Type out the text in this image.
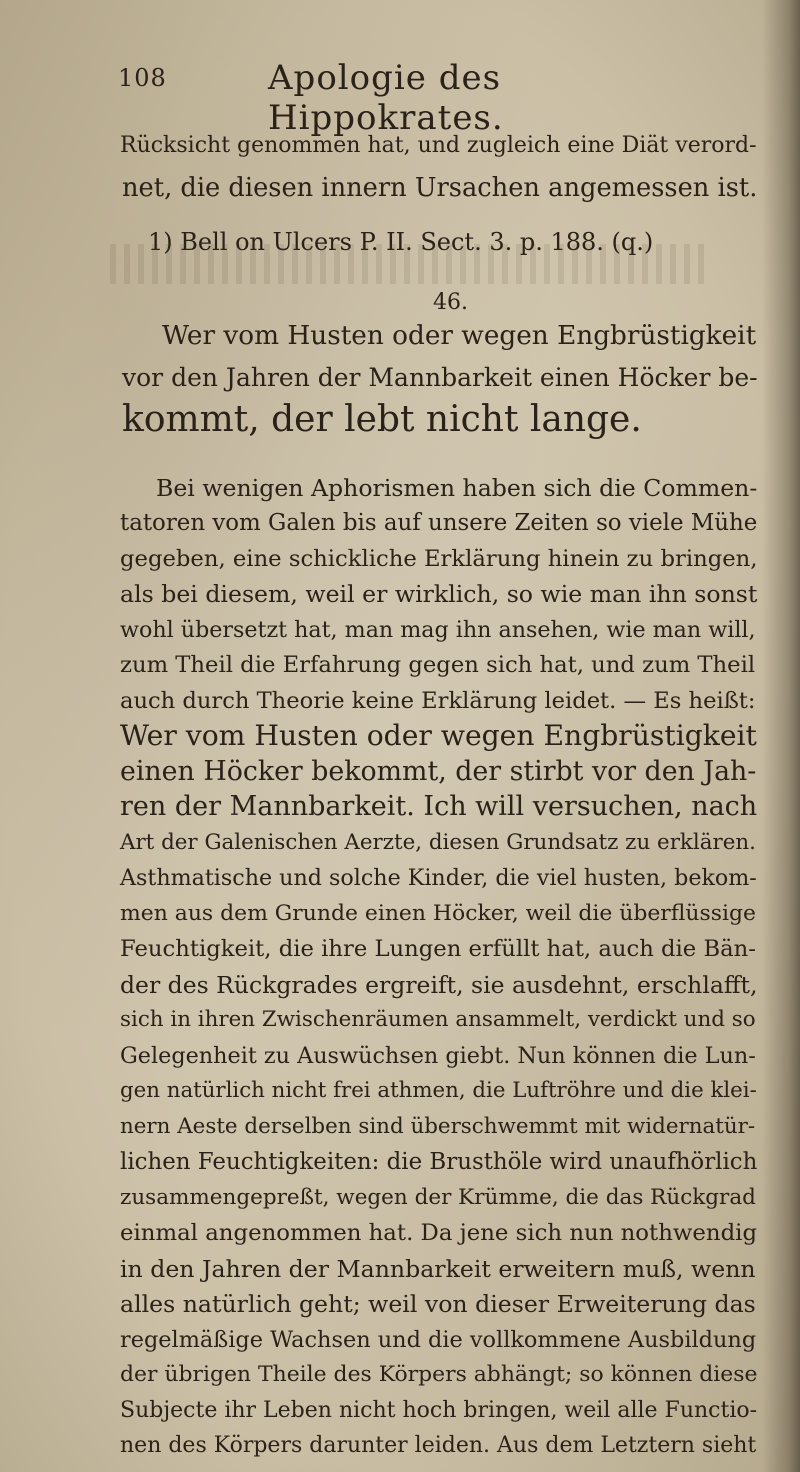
108	Apologie des Hippokrates.
Rücksicht genommen hat, und zugleich eine Diät verord-
net, die diesen innern Ursachen angemessen ist.
1) Bell on Ulcers P. II. Sect. 3. p. 188. (q.)
46.
Wer vom Husten oder wegen Engbrüstigkeit
vor den Jahren der Mannbarkeit einen Höcker be-
kommt, der lebt nicht lange.
Bei wenigen Aphorismen haben sich die Commen-
tatoren vom Galen bis auf unsere Zeiten so viele Mühe
gegeben, eine schickliche Erklärung hinein zu bringen,
als bei diesem, weil er wirklich, so wie man ihn sonst
wohl übersetzt hat, man mag ihn ansehen, wie man will,
zum Theil die Erfahrung gegen sich hat, und zum Theil
auch durch Theorie keine Erklärung leidet. — Es heißt:
Wer vom Husten oder wegen Engbrüstigkeit
einen Höcker bekommt, der stirbt vor den Jah-
ren der Mannbarkeit. Ich will versuchen, nach
Art der Galenischen Aerzte, diesen Grundsatz zu erklären.
Asthmatische und solche Kinder, die viel husten, bekom-
men aus dem Grunde einen Höcker, weil die überflüssige
Feuchtigkeit, die ihre Lungen erfüllt hat, auch die Bän-
der des Rückgrades ergreift, sie ausdehnt, erschlafft,
sich in ihren Zwischenräumen ansammelt, verdickt und so
Gelegenheit zu Auswüchsen giebt. Nun können die Lun-
gen natürlich nicht frei athmen, die Luftröhre und die klei-
nern Aeste derselben sind überschwemmt mit widernatür-
lichen Feuchtigkeiten: die Brusthöle wird unaufhörlich
zusammengepreßt, wegen der Krümme, die das Rückgrad
einmal angenommen hat. Da jene sich nun nothwendig
in den Jahren der Mannbarkeit erweitern muß, wenn
alles natürlich geht; weil von dieser Erweiterung das
regelmäßige Wachsen und die vollkommene Ausbildung
der übrigen Theile des Körpers abhängt; so können diese
Subjecte ihr Leben nicht hoch bringen, weil alle Functio-
nen des Körpers darunter leiden. Aus dem Letztern sieht
